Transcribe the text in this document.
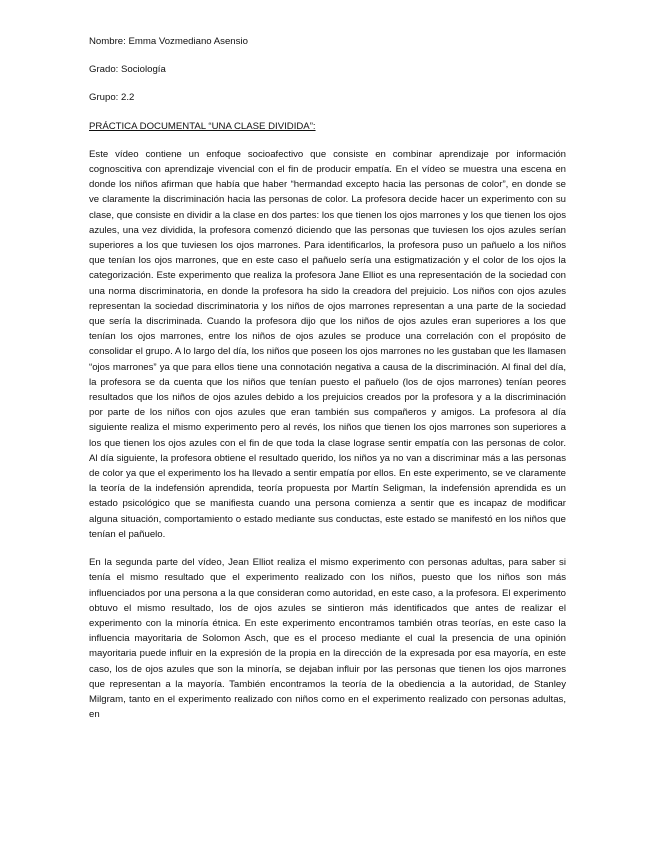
Nombre: Emma Vozmediano Asensio

Grado: Sociología

Grupo: 2.2

PRÁCTICA DOCUMENTAL “UNA CLASE DIVIDIDA”:

Este vídeo contiene un enfoque socioafectivo que consiste en combinar aprendizaje por información cognoscitiva con aprendizaje vivencial con el fin de producir empatía. En el vídeo se muestra una escena en donde los niños afirman que había que haber “hermandad excepto hacia las personas de color”, en donde se ve claramente la discriminación hacia las personas de color. La profesora decide hacer un experimento con su clase, que consiste en dividir a la clase en dos partes: los que tienen los ojos marrones y los que tienen los ojos azules, una vez dividida, la profesora comenzó diciendo que las personas que tuviesen los ojos azules serían superiores a los que tuviesen los ojos marrones. Para identificarlos, la profesora puso un pañuelo a los niños que tenían los ojos marrones, que en este caso el pañuelo sería una estigmatización y el color de los ojos la categorización. Este experimento que realiza la profesora Jane Elliot es una representación de la sociedad con una norma discriminatoria, en donde la profesora ha sido la creadora del prejuicio. Los niños con ojos azules representan la sociedad discriminatoria y los niños de ojos marrones representan a una parte de la sociedad que sería la discriminada. Cuando la profesora dijo que los niños de ojos azules eran superiores a los que tenían los ojos marrones, entre los niños de ojos azules se produce una correlación con el propósito de consolidar el grupo. A lo largo del día, los niños que poseen los ojos marrones no les gustaban que les llamasen “ojos marrones” ya que para ellos tiene una connotación negativa a causa de la discriminación. Al final del día, la profesora se da cuenta que los niños que tenían puesto el pañuelo (los de ojos marrones) tenían peores resultados que los niños de ojos azules debido a los prejuicios creados por la profesora y a la discriminación por parte de los niños con ojos azules que eran también sus compañeros y amigos. La profesora al día siguiente realiza el mismo experimento pero al revés, los niños que tienen los ojos marrones son superiores a los que tienen los ojos azules con el fin de que toda la clase lograse sentir empatía con las personas de color. Al día siguiente, la profesora obtiene el resultado querido, los niños ya no van a discriminar más a las personas de color ya que el experimento los ha llevado a sentir empatía por ellos. En este experimento, se ve claramente la teoría de la indefensión aprendida, teoría propuesta por Martín Seligman, la indefensión aprendida es un estado psicológico que se manifiesta cuando una persona comienza a sentir que es incapaz de modificar alguna situación, comportamiento o estado mediante sus conductas, este estado se manifestó en los niños que tenían el pañuelo.

En la segunda parte del vídeo, Jean Elliot realiza el mismo experimento con personas adultas, para saber si tenía el mismo resultado que el experimento realizado con los niños, puesto que los niños son más influenciados por una persona a la que consideran como autoridad, en este caso, a la profesora. El experimento obtuvo el mismo resultado, los de ojos azules se sintieron más identificados que antes de realizar el experimento con la minoría étnica. En este experimento encontramos también otras teorías, en este caso la influencia mayoritaria de Solomon Asch, que es el proceso mediante el cual la presencia de una opinión mayoritaria puede influir en la expresión de la propia en la dirección de la expresada por esa mayoría, en este caso, los de ojos azules que son la minoría, se dejaban influir por las personas que tienen los ojos marrones que representan a la mayoría. También encontramos la teoría de la obediencia a la autoridad, de Stanley Milgram, tanto en el experimento realizado con niños como en el experimento realizado con personas adultas, en
